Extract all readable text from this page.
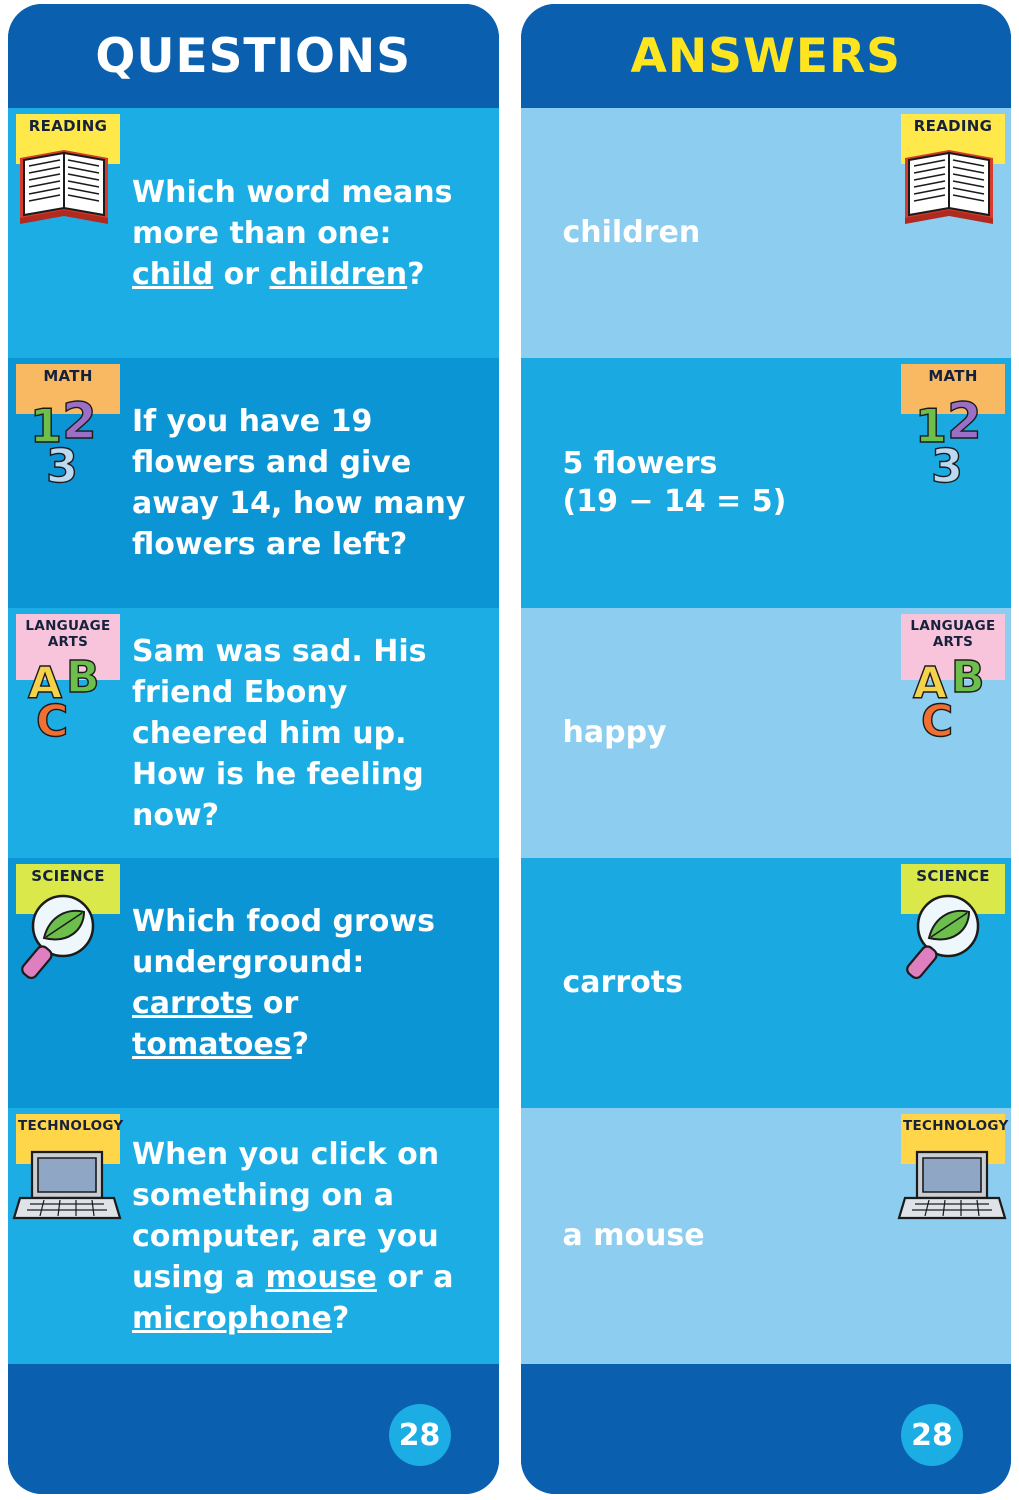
QUESTIONS
READING
Which word means more than one: child or children?
MATH
1 2
3
If you have 19 flowers and give away 14, how many flowers are left?
LANGUAGE ARTS
A B
C
Sam was sad. His friend Ebony cheered him up. How is he feeling now?
SCIENCE
Which food grows underground: carrots or tomatoes?
TECHNOLOGY
When you click on something on a computer, are you using a mouse or a microphone?
28
ANSWERS
children
READING
5 flowers
(19 − 14 = 5)
MATH
1 2
3
happy
LANGUAGE ARTS
A B
C
carrots
SCIENCE
a mouse
TECHNOLOGY
28
